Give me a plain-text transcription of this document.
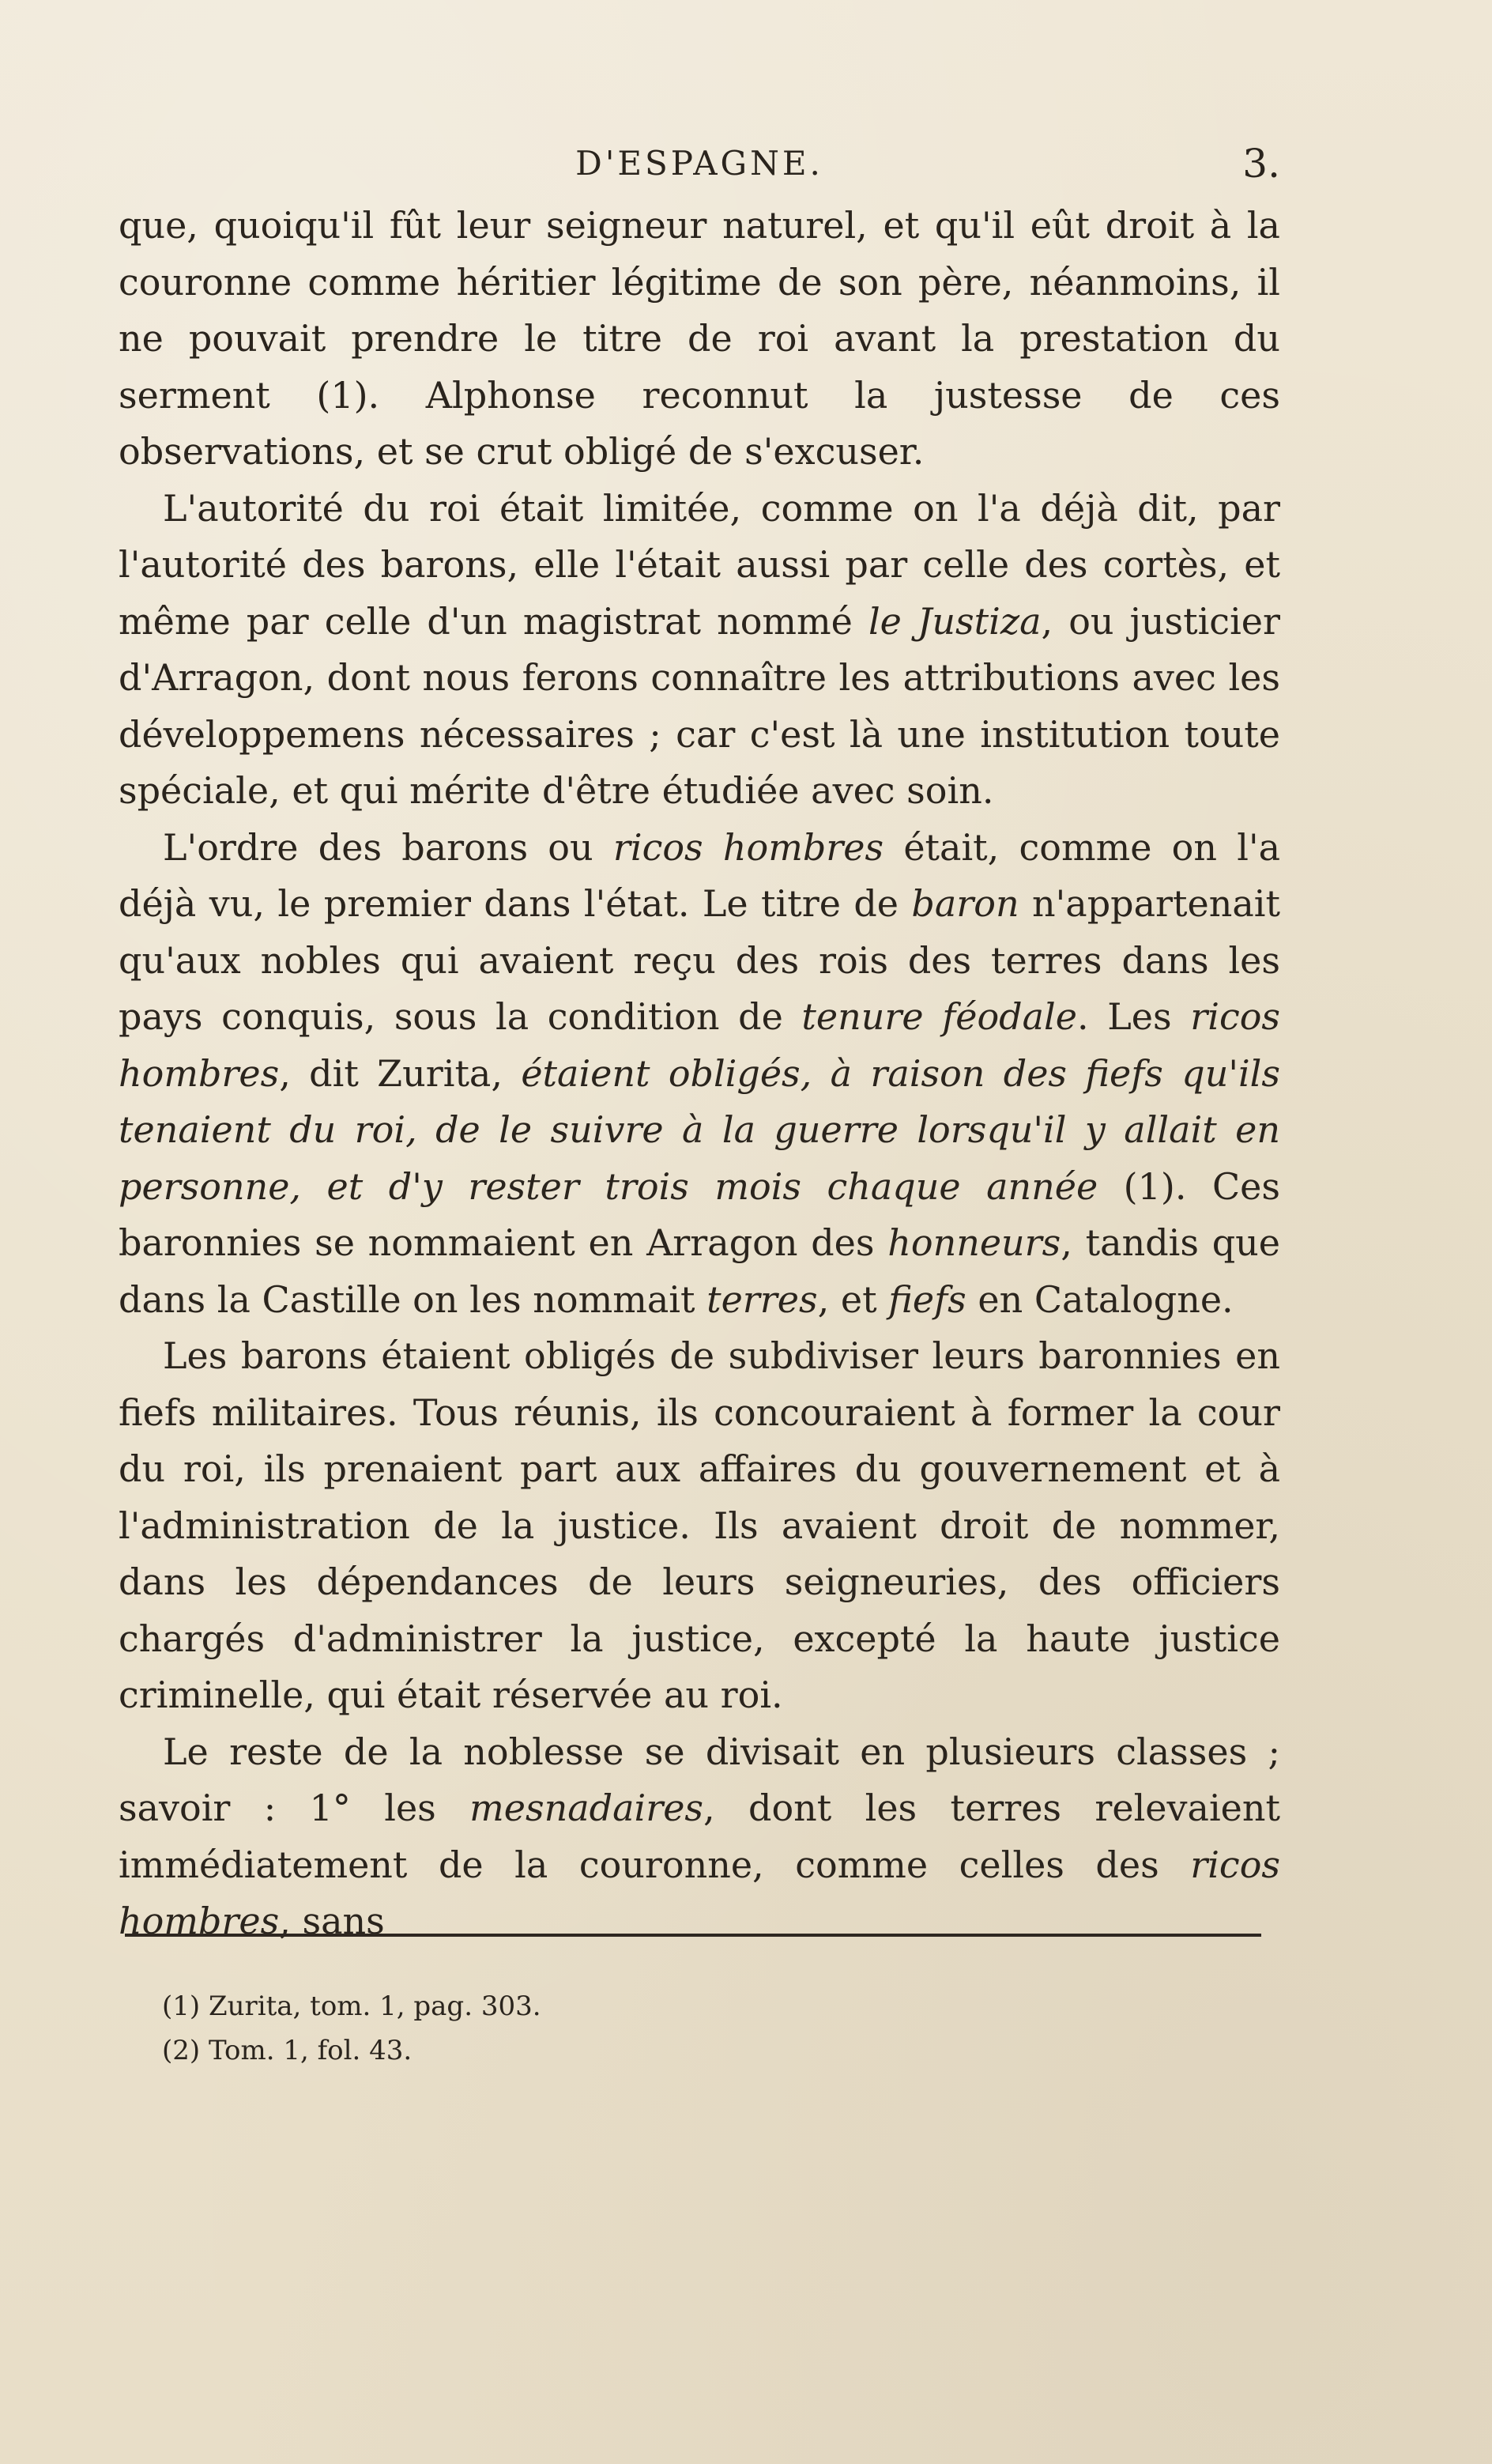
D'ESPAGNE.	3.

que, quoiqu'il fût leur seigneur naturel, et qu'il eût droit à la couronne comme héritier légitime de son père, néanmoins, il ne pouvait prendre le titre de roi avant la prestation du serment (1). Alphonse reconnut la justesse de ces observations, et se crut obligé de s'excuser.

L'autorité du roi était limitée, comme on l'a déjà dit, par l'autorité des barons, elle l'était aussi par celle des cortès, et même par celle d'un magistrat nommé le Justiza, ou justicier d'Arragon, dont nous ferons connaître les attributions avec les développemens nécessaires ; car c'est là une institution toute spéciale, et qui mérite d'être étudiée avec soin.

L'ordre des barons ou ricos hombres était, comme on l'a déjà vu, le premier dans l'état. Le titre de baron n'appartenait qu'aux nobles qui avaient reçu des rois des terres dans les pays conquis, sous la condition de tenure féodale. Les ricos hombres, dit Zurita, étaient obligés, à raison des fiefs qu'ils tenaient du roi, de le suivre à la guerre lorsqu'il y allait en personne, et d'y rester trois mois chaque année (1). Ces baronnies se nommaient en Arragon des honneurs, tandis que dans la Castille on les nommait terres, et fiefs en Catalogne.

Les barons étaient obligés de subdiviser leurs baronnies en fiefs militaires. Tous réunis, ils concouraient à former la cour du roi, ils prenaient part aux affaires du gouvernement et à l'administration de la justice. Ils avaient droit de nommer, dans les dépendances de leurs seigneuries, des officiers chargés d'administrer la justice, excepté la haute justice criminelle, qui était réservée au roi.

Le reste de la noblesse se divisait en plusieurs classes ; savoir : 1° les mesnadaires, dont les terres relevaient immédiatement de la couronne, comme celles des ricos hombres, sans

(1) Zurita, tom. 1, pag. 303.

(2) Tom. 1, fol. 43.
